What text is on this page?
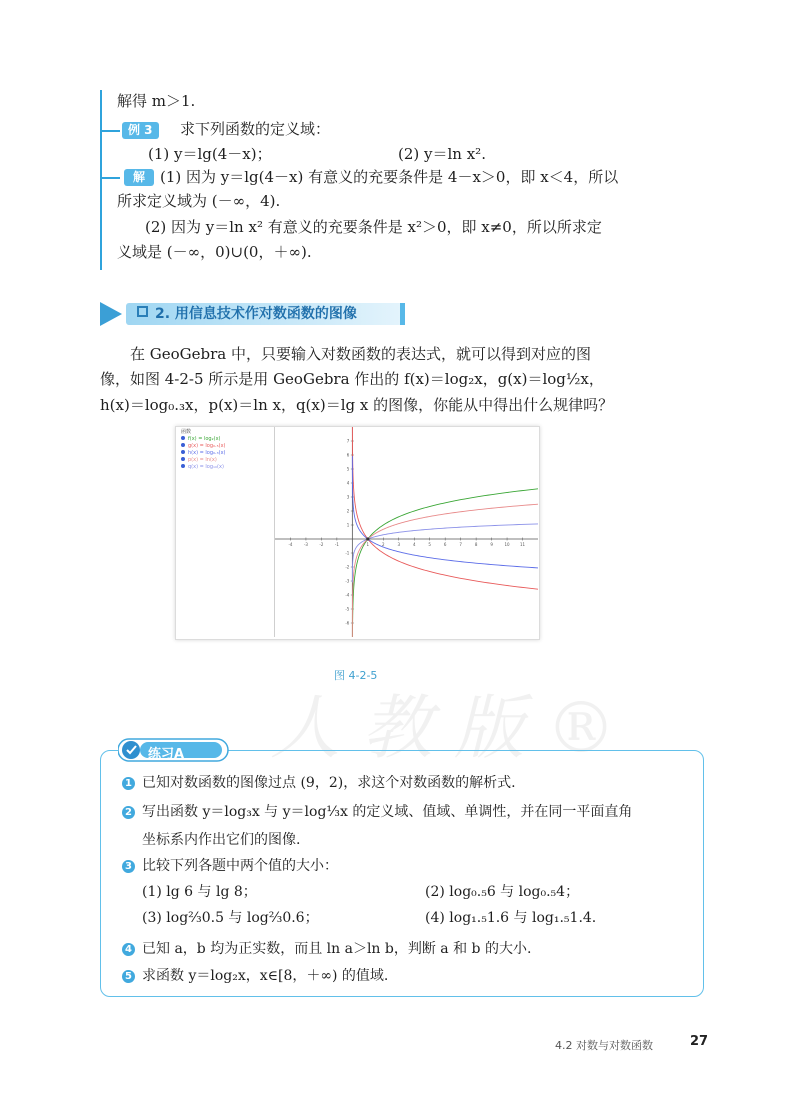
解得 m＞1.
例 3	求下列函数的定义域：
(1) y＝lg(4－x)；	(2) y＝ln x².
解 (1) 因为 y＝lg(4－x) 有意义的充要条件是 4－x＞0，即 x＜4，所以
所求定义域为 (－∞，4).
(2) 因为 y＝ln x² 有意义的充要条件是 x²＞0，即 x≠0，所以所求定
义域是 (－∞，0)∪(0，＋∞).
2. 用信息技术作对数函数的图像
在 GeoGebra 中，只要输入对数函数的表达式，就可以得到对应的图
像，如图 4-2-5 所示是用 GeoGebra 作出的 f(x)＝log₂x，g(x)＝log½x，
h(x)＝log₀.₃x，p(x)＝ln x，q(x)＝lg x 的图像，你能从中得出什么规律吗？
函数
f(x) = log₂(x)
g(x) = log₀.₅(x)
h(x) = log₀.₃(x)
p(x) = ln(x)
q(x) = log₁₀(x)
-4	-3	-2	-1	1	2	3	4	5	6	7	8	9	10	11
-6
-5
-4
-3
-2
-1
1
2
3
4
5
6
7
图 4-2-5
人教版®
练习A
1 已知对数函数的图像过点 (9，2)，求这个对数函数的解析式.
2 写出函数 y＝log₃x 与 y＝log⅓x 的定义域、值域、单调性，并在同一平面直角
坐标系内作出它们的图像.
3 比较下列各题中两个值的大小：
(1) lg 6 与 lg 8；	(2) log₀.₅6 与 log₀.₅4；
(3) log⅔0.5 与 log⅔0.6；	(4) log₁.₅1.6 与 log₁.₅1.4.
4 已知 a，b 均为正实数，而且 ln a＞ln b，判断 a 和 b 的大小.
5 求函数 y＝log₂x，x∈[8，＋∞) 的值域.
4.2 对数与对数函数	27
